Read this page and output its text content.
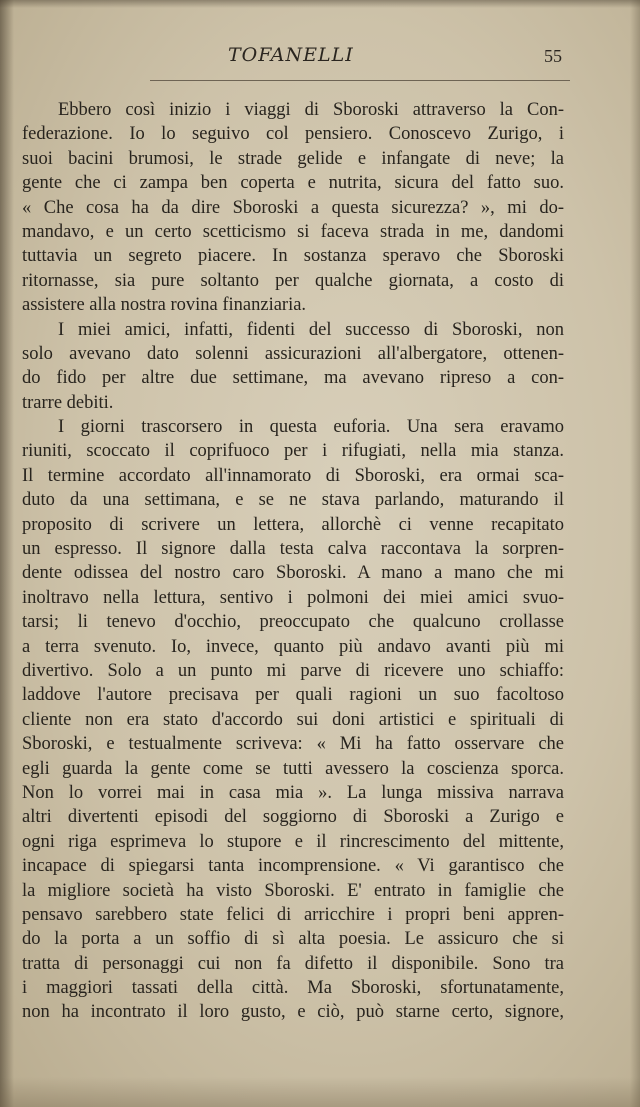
TOFANELLI	55
Ebbero così inizio i viaggi di Sboroski attraverso la Con-
federazione. Io lo seguivo col pensiero. Conoscevo Zurigo, i
suoi bacini brumosi, le strade gelide e infangate di neve; la
gente che ci zampa ben coperta e nutrita, sicura del fatto suo.
« Che cosa ha da dire Sboroski a questa sicurezza? », mi do-
mandavo, e un certo scetticismo si faceva strada in me, dandomi
tuttavia un segreto piacere. In sostanza speravo che Sboroski
ritornasse, sia pure soltanto per qualche giornata, a costo di
assistere alla nostra rovina finanziaria.
I miei amici, infatti, fidenti del successo di Sboroski, non
solo avevano dato solenni assicurazioni all'albergatore, ottenen-
do fido per altre due settimane, ma avevano ripreso a con-
trarre debiti.
I giorni trascorsero in questa euforia. Una sera eravamo
riuniti, scoccato il coprifuoco per i rifugiati, nella mia stanza.
Il termine accordato all'innamorato di Sboroski, era ormai sca-
duto da una settimana, e se ne stava parlando, maturando il
proposito di scrivere un lettera, allorchè ci venne recapitato
un espresso. Il signore dalla testa calva raccontava la sorpren-
dente odissea del nostro caro Sboroski. A mano a mano che mi
inoltravo nella lettura, sentivo i polmoni dei miei amici svuo-
tarsi; li tenevo d'occhio, preoccupato che qualcuno crollasse
a terra svenuto. Io, invece, quanto più andavo avanti più mi
divertivo. Solo a un punto mi parve di ricevere uno schiaffo:
laddove l'autore precisava per quali ragioni un suo facoltoso
cliente non era stato d'accordo sui doni artistici e spirituali di
Sboroski, e testualmente scriveva: « Mi ha fatto osservare che
egli guarda la gente come se tutti avessero la coscienza sporca.
Non lo vorrei mai in casa mia ». La lunga missiva narrava
altri divertenti episodi del soggiorno di Sboroski a Zurigo e
ogni riga esprimeva lo stupore e il rincrescimento del mittente,
incapace di spiegarsi tanta incomprensione. « Vi garantisco che
la migliore società ha visto Sboroski. E' entrato in famiglie che
pensavo sarebbero state felici di arricchire i propri beni appren-
do la porta a un soffio di sì alta poesia. Le assicuro che si
tratta di personaggi cui non fa difetto il disponibile. Sono tra
i maggiori tassati della città. Ma Sboroski, sfortunatamente,
non ha incontrato il loro gusto, e ciò, può starne certo, signore,
